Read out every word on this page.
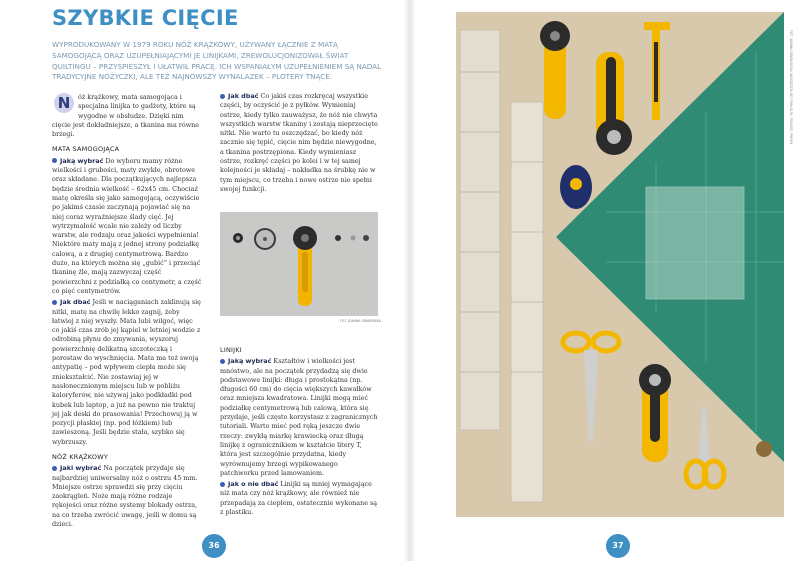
SZYBKIE CIĘCIE
WYPRODUKOWANY W 1979 ROKU NÓŻ KRĄŻKOWY, UŻYWANY ŁĄCZNIE Z MATĄ SAMOGOJĄCĄ ORAZ UZUPEŁNIAJĄCYMI JE LINIJKAMI, ZREWOLUCJONIZOWAŁ ŚWIAT QUILTINGU – PRZYSPIESZYŁ I UŁATWIŁ PRACĘ. ICH WSPANIAŁYM UZUPEŁNIENIEM SĄ NADAL TRADYCYJNE NOŻYCZKI, ALE TEŻ NAJNOWSZY WYNALAZEK – PLOTERY TNĄCE.
N	óż krążkowy, mata samogojąca i specjalna linijka to gadżety, które są wygodne w obsłudze. Dzięki nim cięcie jest dokładniejsze, a tkanina ma równe brzegi.
MATA SAMOGOJĄCA

Jaką wybrać Do wyboru mamy różne wielkości i grubości, maty zwykłe, obrotowe oraz składane. Dla początkujących najlepsza będzie średnia wielkość – 62x45 cm. Chociaż matę określa się jako samogojącą, oczywiście po jakimś czasie zaczynają pojawiać się na niej coraz wyraźniejsze ślady cięć. Jej wytrzymałość wcale nie zależy od liczby warstw, ale rodzaju oraz jakości wypełnienia! Niektóre maty mają z jednej strony podziałkę calową, a z drugiej centymetrową. Bardzo dużo, na których można się „gubić” i przeciąć tkaninę źle, mają zazwyczaj część powierzchni z podziałką co centymetr, a część co pięć centymetrów.

Jak dbać Jeśli w naciąganiach zaklinują się nitki, matę na chwilę lekko zagnij, żeby łatwiej z niej wyszły. Mata lubi wilgoć, więc co jakiś czas zrób jej kąpiel w letniej wodzie z odrobiną płynu do zmywania, wyszoruj powierzchnię delikatną szczoteczką i porostaw do wyschnięcia. Mata ma też swoją antypatię – pod wpływem ciepła może się zniekształcić. Nie zostawiaj jej w nasłonecznionym miejscu lub w pobliżu kaloryferów, nie używaj jako podkładki pod kubek lub laptop, a już na pewno nie traktuj jej jak deski do prasowania! Przechowuj ją w pozycji płaskiej (np. pod łóżkiem) lub zawieszoną. Jeśli będzie stała, szybko się wybrzuszy.

NÓŻ KRĄŻKOWY

Jaki wybrać Na początek przydaje się najbardziej uniwersalny nóż o ostrzu 45 mm. Mniejsze ostrze sprawdzi się przy cięciu zaokrągleń. Noże mają różne rodzaje rękojeści oraz różne systemy blokady ostrza, na co trzeba zwrócić uwagę, jeśli w domu są dzieci.

Jak dbać Co jakiś czas rozkręcaj wszystkie części, by oczyścić je z pyłków. Wymieniaj ostrze, kiedy tylko zauważysz, że nóż nie chwyta wszystkich warstw tkaniny i zostają nieprzecięte nitki. Nie warto tu oszczędzać, bo kiedy nóż zacznie się tępić, cięcie nim będzie niewygodne, a tkanina postrzępiona. Kiedy wymieniasz ostrze, rozkręć części po kolei i w tej samej kolejności je składaj – nakładka na śrubkę nie w tym miejscu, co trzeba i nowe ostrze nie spełni swojej funkcji.

FOT. JOANNA GRABARSKA
LINIJKI

Jaką wybrać Kształtów i wielkości jest mnóstwo, ale na początek przydadzą się dwie podstawowe linijki: długa i prostokątna (np. długości 60 cm) do cięcia większych kawałków oraz mniejsza kwadratowa. Linijki mogą mieć podziałkę centymetrową lub calową, która się przydaje, jeśli często korzystasz z zagranicznych tutoriali. Warto mieć pod ręką jeszcze dwie rzeczy: zwykłą miarkę krawiecką oraz długą linijkę z ogranicznikiem w kształcie litery T, która jest szczególnie przydatna, kiedy wyrównujemy brzegi wypikowanego patchworku przed lamowaniem.

Jak o nie dbać Linijki są mniej wymagające niż mata czy nóż krążkowy, ale również nie przepadają za ciepłem, ostatecznie wykonane są z plastiku.

36
FOT. JOANNA GRABARSKA; NARZĘDZIA OD FIRM OLFA, FISKARS, PROYM
37
